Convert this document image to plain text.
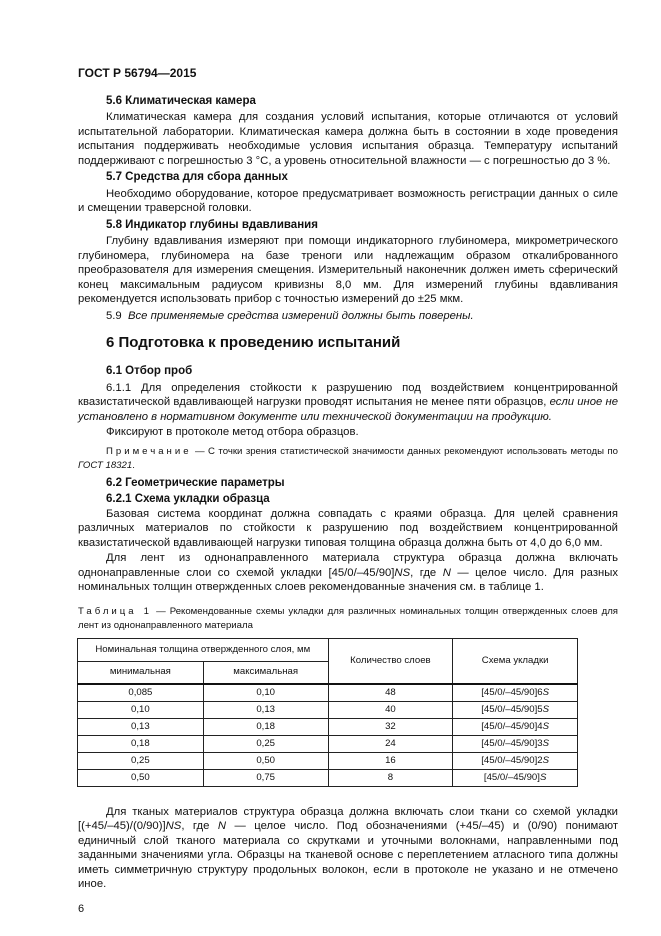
ГОСТ Р 56794—2015

5.6 Климатическая камера

Климатическая камера для создания условий испытания, которые отличаются от условий испытательной лаборатории. Климатическая камера должна быть в состоянии в ходе проведения испытания поддерживать необходимые условия испытания образца. Температуру испытаний поддерживают с погрешностью 3 °С, а уровень относительной влажности — с погрешностью до 3 %.

5.7 Средства для сбора данных

Необходимо оборудование, которое предусматривает возможность регистрации данных о силе и смещении траверсной головки.

5.8 Индикатор глубины вдавливания

Глубину вдавливания измеряют при помощи индикаторного глубиномера, микрометрического глубиномера, глубиномера на базе треноги или надлежащим образом откалиброванного преобразователя для измерения смещения. Измерительный наконечник должен иметь сферический конец максимальным радиусом кривизны 8,0 мм. Для измерений глубины вдавливания рекомендуется использовать прибор с точностью измерений до ±25 мкм.

5.9 Все применяемые средства измерений должны быть поверены.

6 Подготовка к проведению испытаний

6.1 Отбор проб

6.1.1 Для определения стойкости к разрушению под воздействием концентрированной квазистатической вдавливающей нагрузки проводят испытания не менее пяти образцов, если иное не установлено в нормативном документе или технической документации на продукцию.

Фиксируют в протоколе метод отбора образцов.

Примечание — С точки зрения статистической значимости данных рекомендуют использовать методы по ГОСТ 18321.

6.2 Геометрические параметры

6.2.1 Схема укладки образца

Базовая система координат должна совпадать с краями образца. Для целей сравнения различных материалов по стойкости к разрушению под воздействием концентрированной квазистатической вдавливающей нагрузки типовая толщина образца должна быть от 4,0 до 6,0 мм.

Для лент из однонаправленного материала структура образца должна включать однонаправленные слои со схемой укладки [45/0/–45/90]NS, где N — целое число. Для разных номинальных толщин отвержденных слоев рекомендованные значения см. в таблице 1.

Таблица 1 — Рекомендованные схемы укладки для различных номинальных толщин отвержденных слоев для лент из однонаправленного материала
Номинальная толщина отвержденного слоя, мм		Количество слоев	Схема укладки
минимальная	максимальная		
0,085	0,10	48	[45/0/–45/90]6S
0,10	0,13	40	[45/0/–45/90]5S
0,13	0,18	32	[45/0/–45/90]4S
0,18	0,25	24	[45/0/–45/90]3S
0,25	0,50	16	[45/0/–45/90]2S
0,50	0,75	8	[45/0/–45/90]S

Для тканых материалов структура образца должна включать слои ткани со схемой укладки [(+45/–45)/(0/90)]NS, где N — целое число. Под обозначениями (+45/–45) и (0/90) понимают единичный слой тканого материала со скрутками и уточными волокнами, направленными под заданными значениями угла. Образцы на тканевой основе с переплетением атласного типа должны иметь симметричную структуру продольных волокон, если в протоколе не указано и не отмечено иное.

6
